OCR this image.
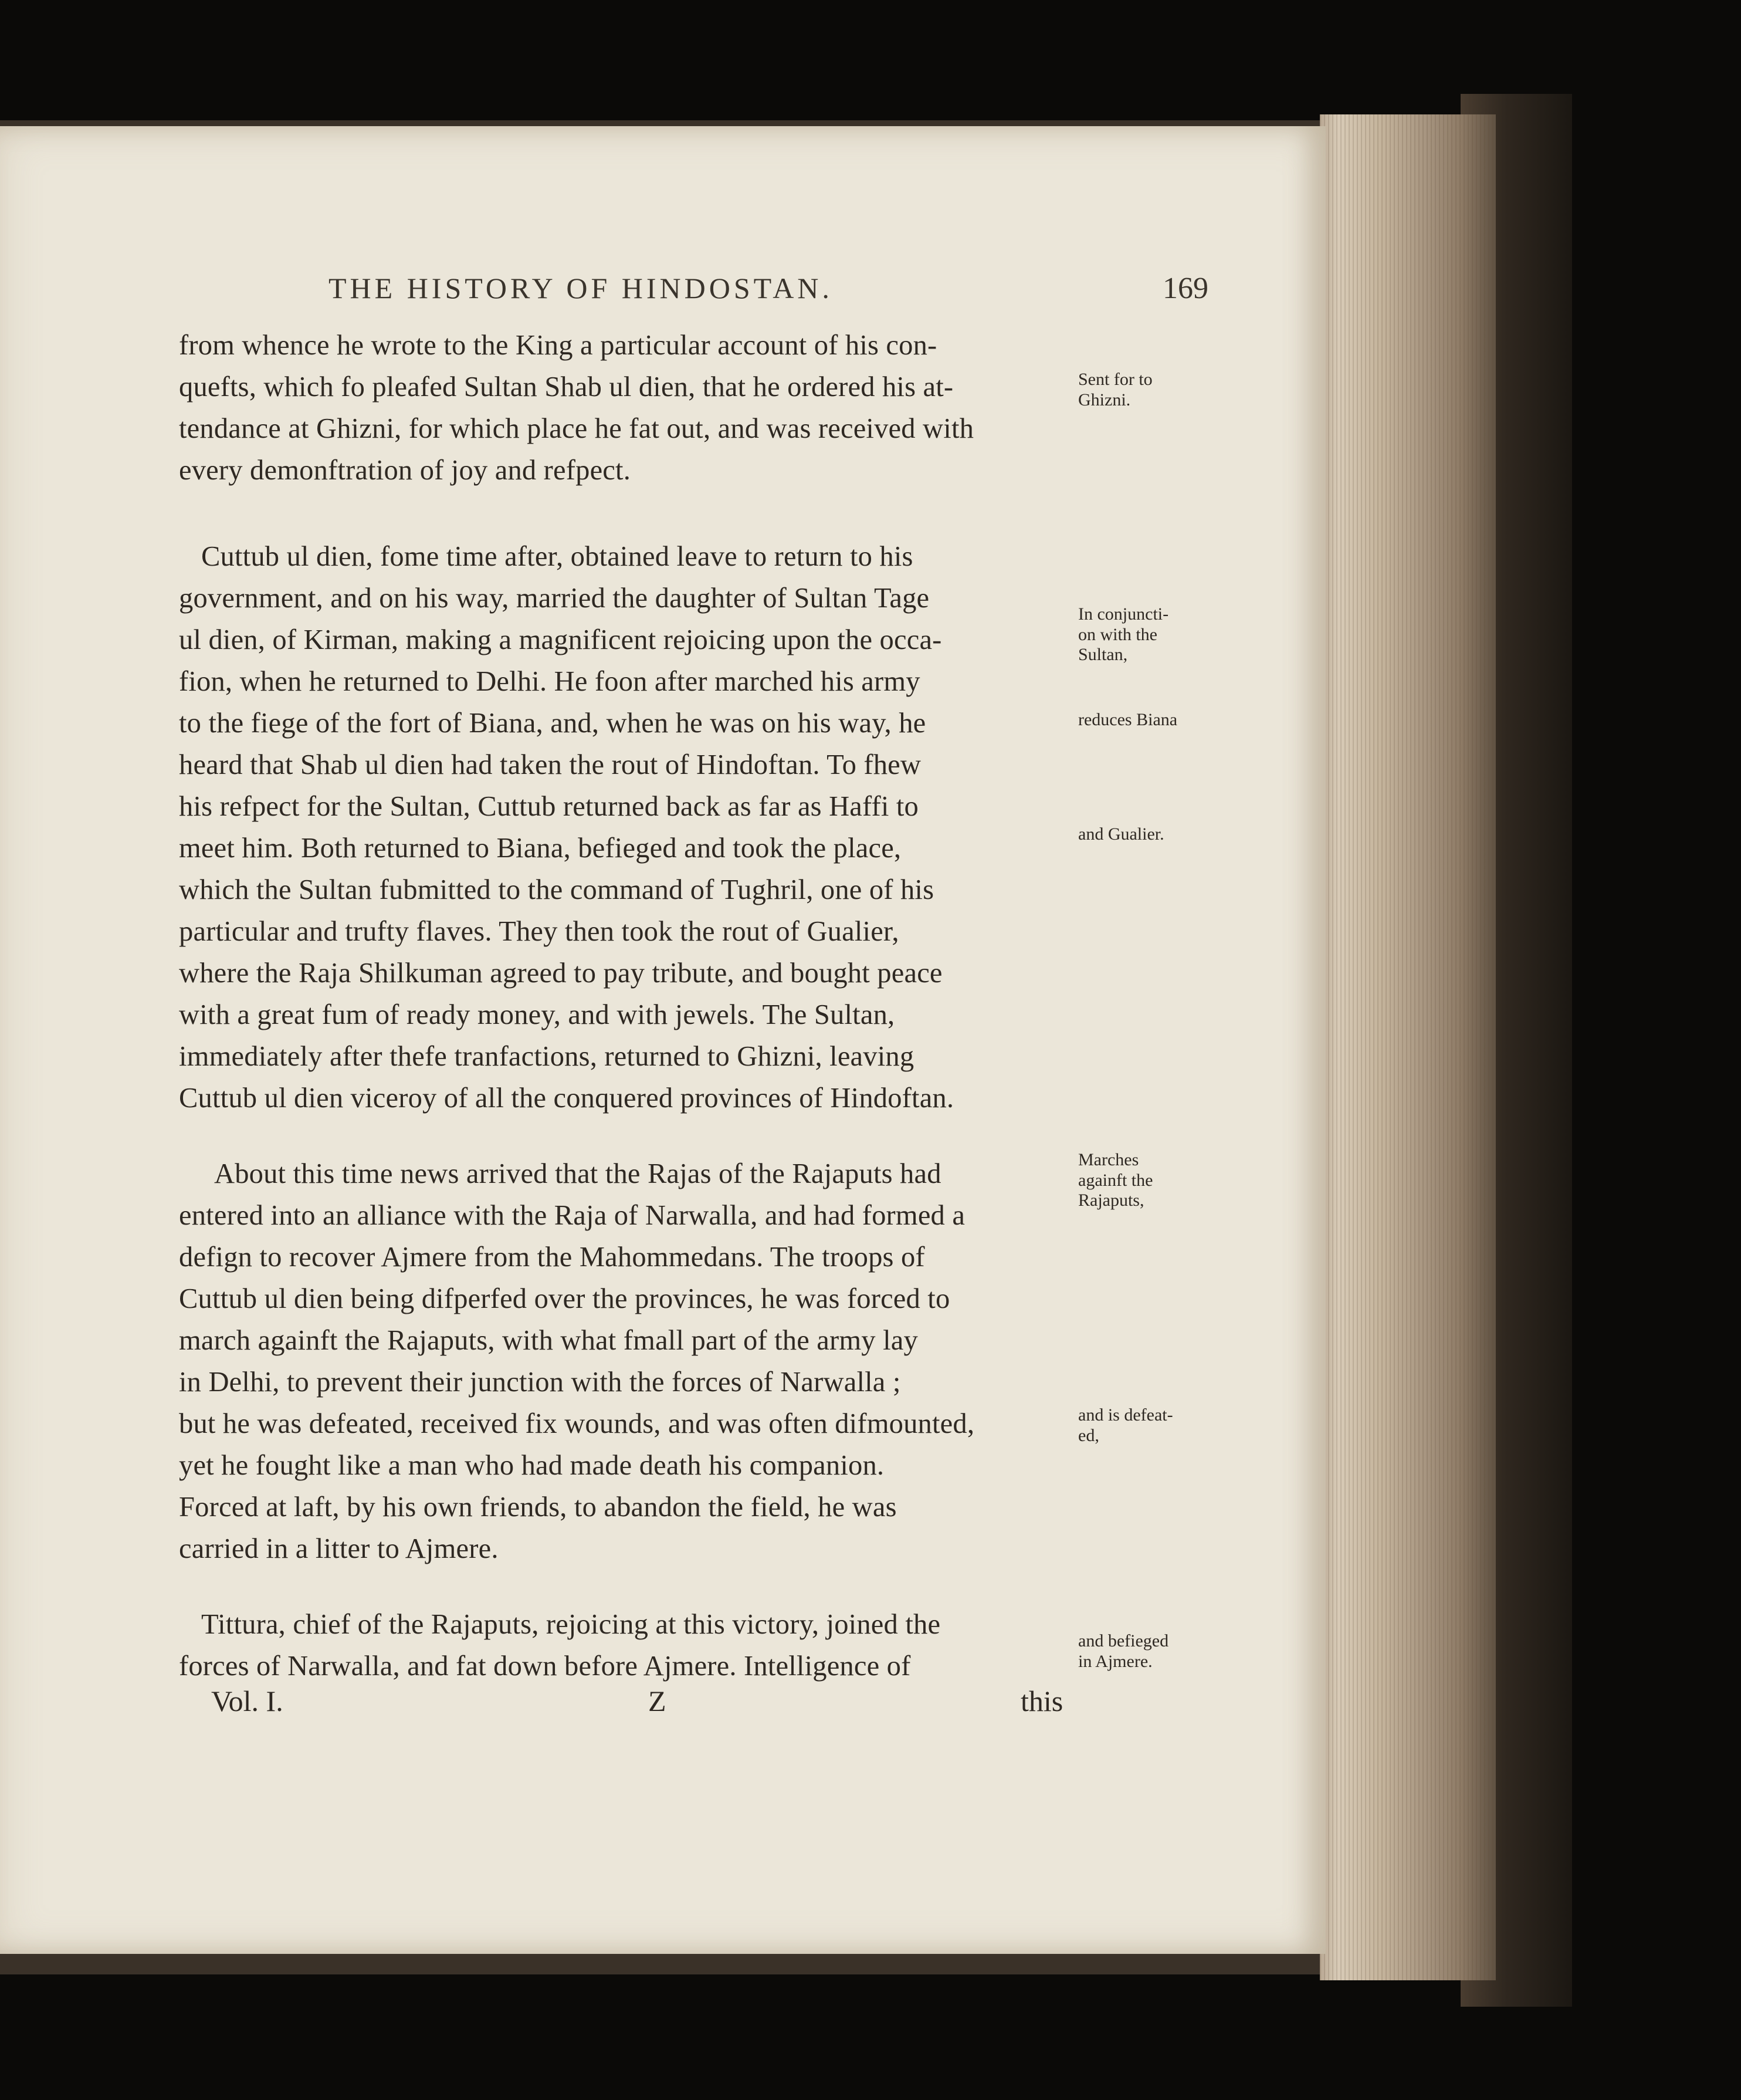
THE HISTORY OF HINDOSTAN.	169
from whence he wrote to the King a particular account of his con-
quefts, which fo pleafed Sultan Shab ul dien, that he ordered his at-
tendance at Ghizni, for which place he fat out, and was received with
every demonftration of joy and refpect.
Cuttub ul dien, fome time after, obtained leave to return to his
government, and on his way, married the daughter of Sultan Tage
ul dien, of Kirman, making a magnificent rejoicing upon the occa-
fion, when he returned to Delhi. He foon after marched his army
to the fiege of the fort of Biana, and, when he was on his way, he
heard that Shab ul dien had taken the rout of Hindoftan. To fhew
his refpect for the Sultan, Cuttub returned back as far as Haffi to
meet him. Both returned to Biana, befieged and took the place,
which the Sultan fubmitted to the command of Tughril, one of his
particular and trufty flaves. They then took the rout of Gualier,
where the Raja Shilkuman agreed to pay tribute, and bought peace
with a great fum of ready money, and with jewels. The Sultan,
immediately after thefe tranfactions, returned to Ghizni, leaving
Cuttub ul dien viceroy of all the conquered provinces of Hindoftan.
About this time news arrived that the Rajas of the Rajaputs had
entered into an alliance with the Raja of Narwalla, and had formed a
defign to recover Ajmere from the Mahommedans. The troops of
Cuttub ul dien being difperfed over the provinces, he was forced to
march againft the Rajaputs, with what fmall part of the army lay
in Delhi, to prevent their junction with the forces of Narwalla ;
but he was defeated, received fix wounds, and was often difmounted,
yet he fought like a man who had made death his companion.
Forced at laft, by his own friends, to abandon the field, he was
carried in a litter to Ajmere.
Tittura, chief of the Rajaputs, rejoicing at this victory, joined the
forces of Narwalla, and fat down before Ajmere. Intelligence of
Sent for to
Ghizni.
In conjuncti-
on with the
Sultan,
reduces Biana
and Gualier.
Marches
againft the
Rajaputs,
and is defeat-
ed,
and befieged
in Ajmere.
Vol. I.	Z	this
